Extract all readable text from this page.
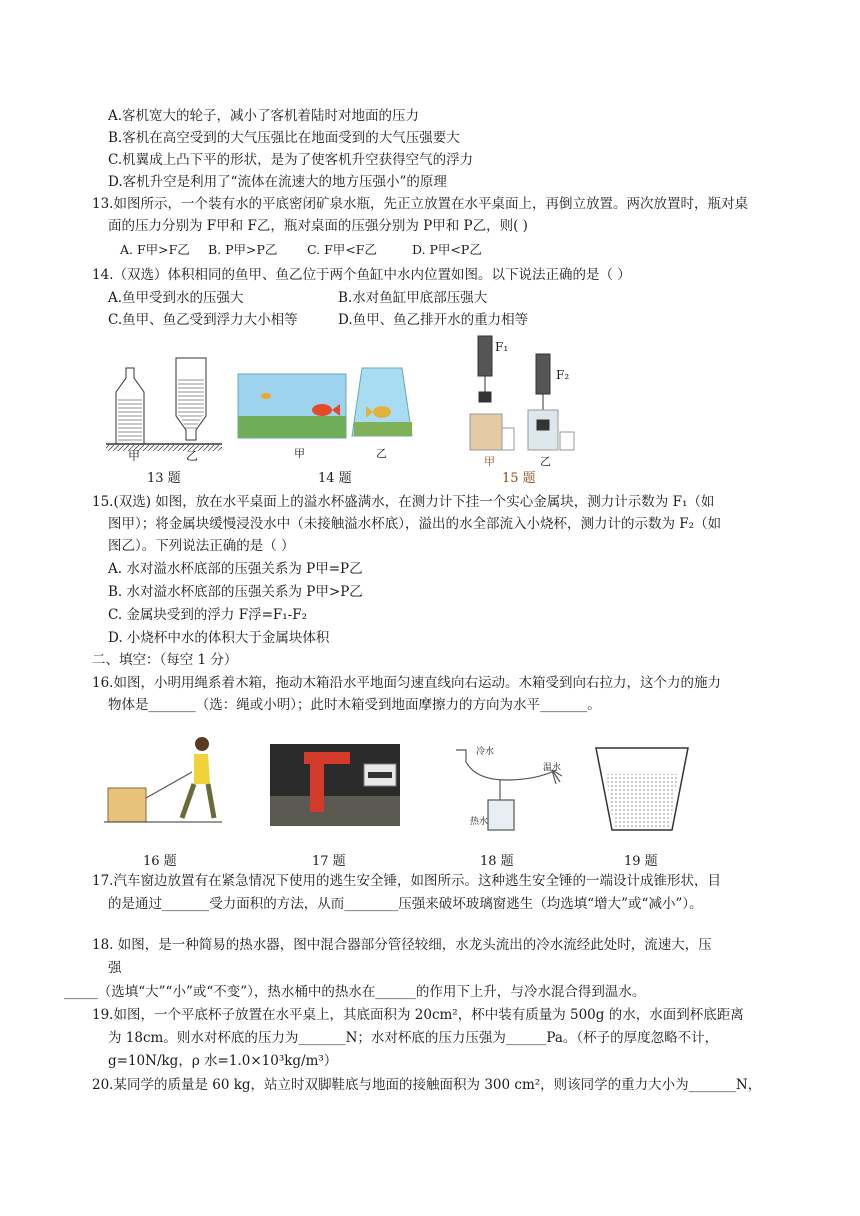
A.客机宽大的轮子，减小了客机着陆时对地面的压力
B.客机在高空受到的大气压强比在地面受到的大气压强要大
C.机翼成上凸下平的形状，是为了使客机升空获得空气的浮力
D.客机升空是利用了“流体在流速大的地方压强小”的原理
13.如图所示，一个装有水的平底密闭矿泉水瓶，先正立放置在水平桌面上，再倒立放置。两次放置时，瓶对桌
面的压力分别为 F甲和 F乙，瓶对桌面的压强分别为 P甲和 P乙，则( )
A. F甲>F乙 B. P甲>P乙 C. F甲<F乙	D. P甲<P乙
14.（双选）体积相同的鱼甲、鱼乙位于两个鱼缸中水内位置如图。以下说法正确的是（ ）
A.鱼甲受到水的压强大	B.水对鱼缸甲底部压强大
C.鱼甲、鱼乙受到浮力大小相等	D.鱼甲、鱼乙排开水的重力相等
甲	乙
13 题
甲	乙
14 题
F₁
F₂
甲	乙
15 题
15.(双选) 如图，放在水平桌面上的溢水杯盛满水，在测力计下挂一个实心金属块，测力计示数为 F₁（如
图甲）；将金属块缓慢浸没水中（未接触溢水杯底），溢出的水全部流入小烧杯，测力计的示数为 F₂（如
图乙）。下列说法正确的是（ ）
A. 水对溢水杯底部的压强关系为 P甲=P乙
B. 水对溢水杯底部的压强关系为 P甲>P乙
C. 金属块受到的浮力 F浮=F₁-F₂
D. 小烧杯中水的体积大于金属块体积
二、填空：（每空 1 分）
16.如图，小明用绳系着木箱，拖动木箱沿水平地面匀速直线向右运动。木箱受到向右拉力，这个力的施力
物体是_______（选：绳或小明）；此时木箱受到地面摩擦力的方向为水平_______。
16 题	17 题
冷水
温水
热水
18 题	19 题
17.汽车窗边放置有在紧急情况下使用的逃生安全锤，如图所示。这种逃生安全锤的一端设计成锥形状，目
的是通过_______受力面积的方法，从而________压强来破坏玻璃窗逃生（均选填“增大”或“减小”）。
18. 如图，是一种简易的热水器，图中混合器部分管径较细，水龙头流出的冷水流经此处时，流速大，压
强
_____（选填“大”“小”或“不变”），热水桶中的热水在______的作用下上升，与冷水混合得到温水。
19.如图，一个平底杯子放置在水平桌上，其底面积为 20cm²，杯中装有质量为 500g 的水，水面到杯底距离
为 18cm。则水对杯底的压力为_______N；水对杯底的压力压强为______Pa。（杯子的厚度忽略不计，
g=10N/kg，ρ 水=1.0×10³kg/m³）
20.某同学的质量是 60 kg，站立时双脚鞋底与地面的接触面积为 300 cm²，则该同学的重力大小为_______N，
